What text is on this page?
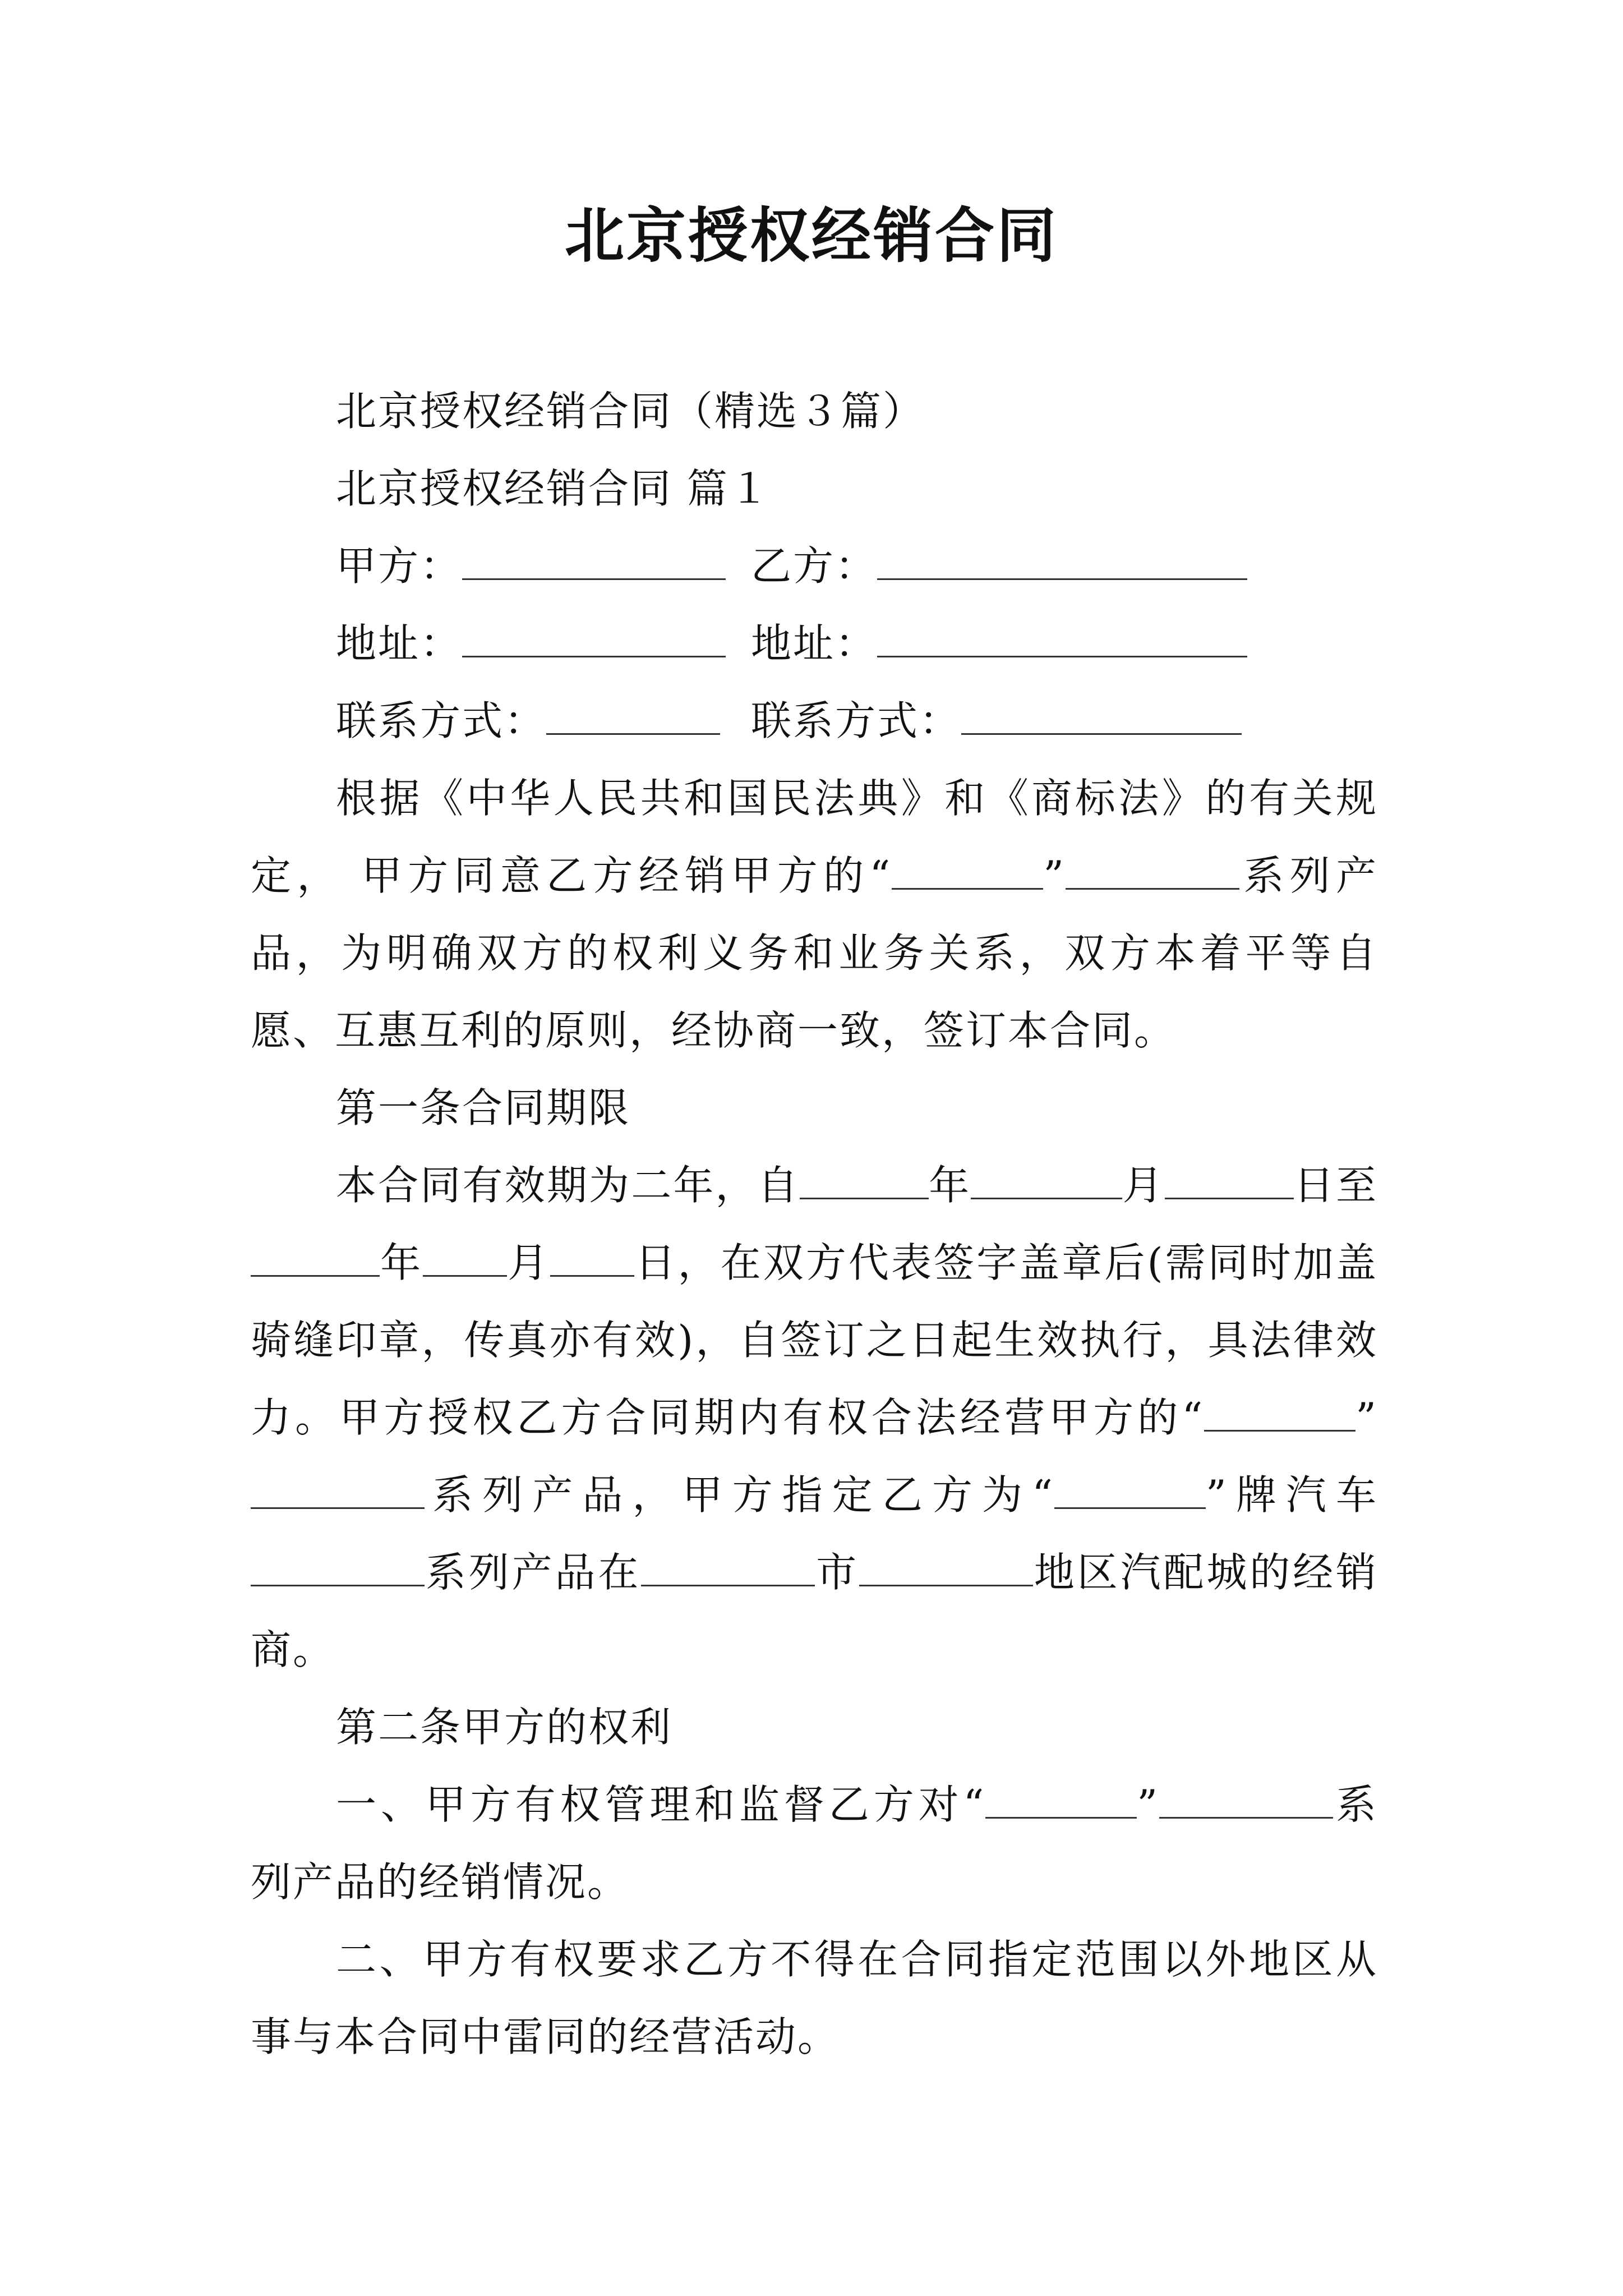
北京授权经销合同
北京授权经销合同（精选３篇）
北京授权经销合同 篇１
甲方：	乙方：
地址：	地址：
联系方式：	联系方式：
根据《中华人民共和国民法典》和《商标法》的有关规定， 甲方同意乙方经销甲方的“	”	系列产品，为明确双方的权利义务和业务关系，双方本着平等自愿、互惠互利的原则，经协商一致，签订本合同。
第一条合同期限
本合同有效期为二年，自	年	月	日至年 月 日，在双方代表签字盖章后(需同时加盖骑缝印章，传真亦有效)，自签订之日起生效执行，具法律效力。甲方授权乙方合同期内有权合法经营甲方的“	”系列产品，甲方指定乙方为“	”牌汽车系列产品在	市	地区汽配城的经销商。
第二条甲方的权利
一、甲方有权管理和监督乙方对“	”	系列产品的经销情况。
二、甲方有权要求乙方不得在合同指定范围以外地区从事与本合同中雷同的经营活动。
